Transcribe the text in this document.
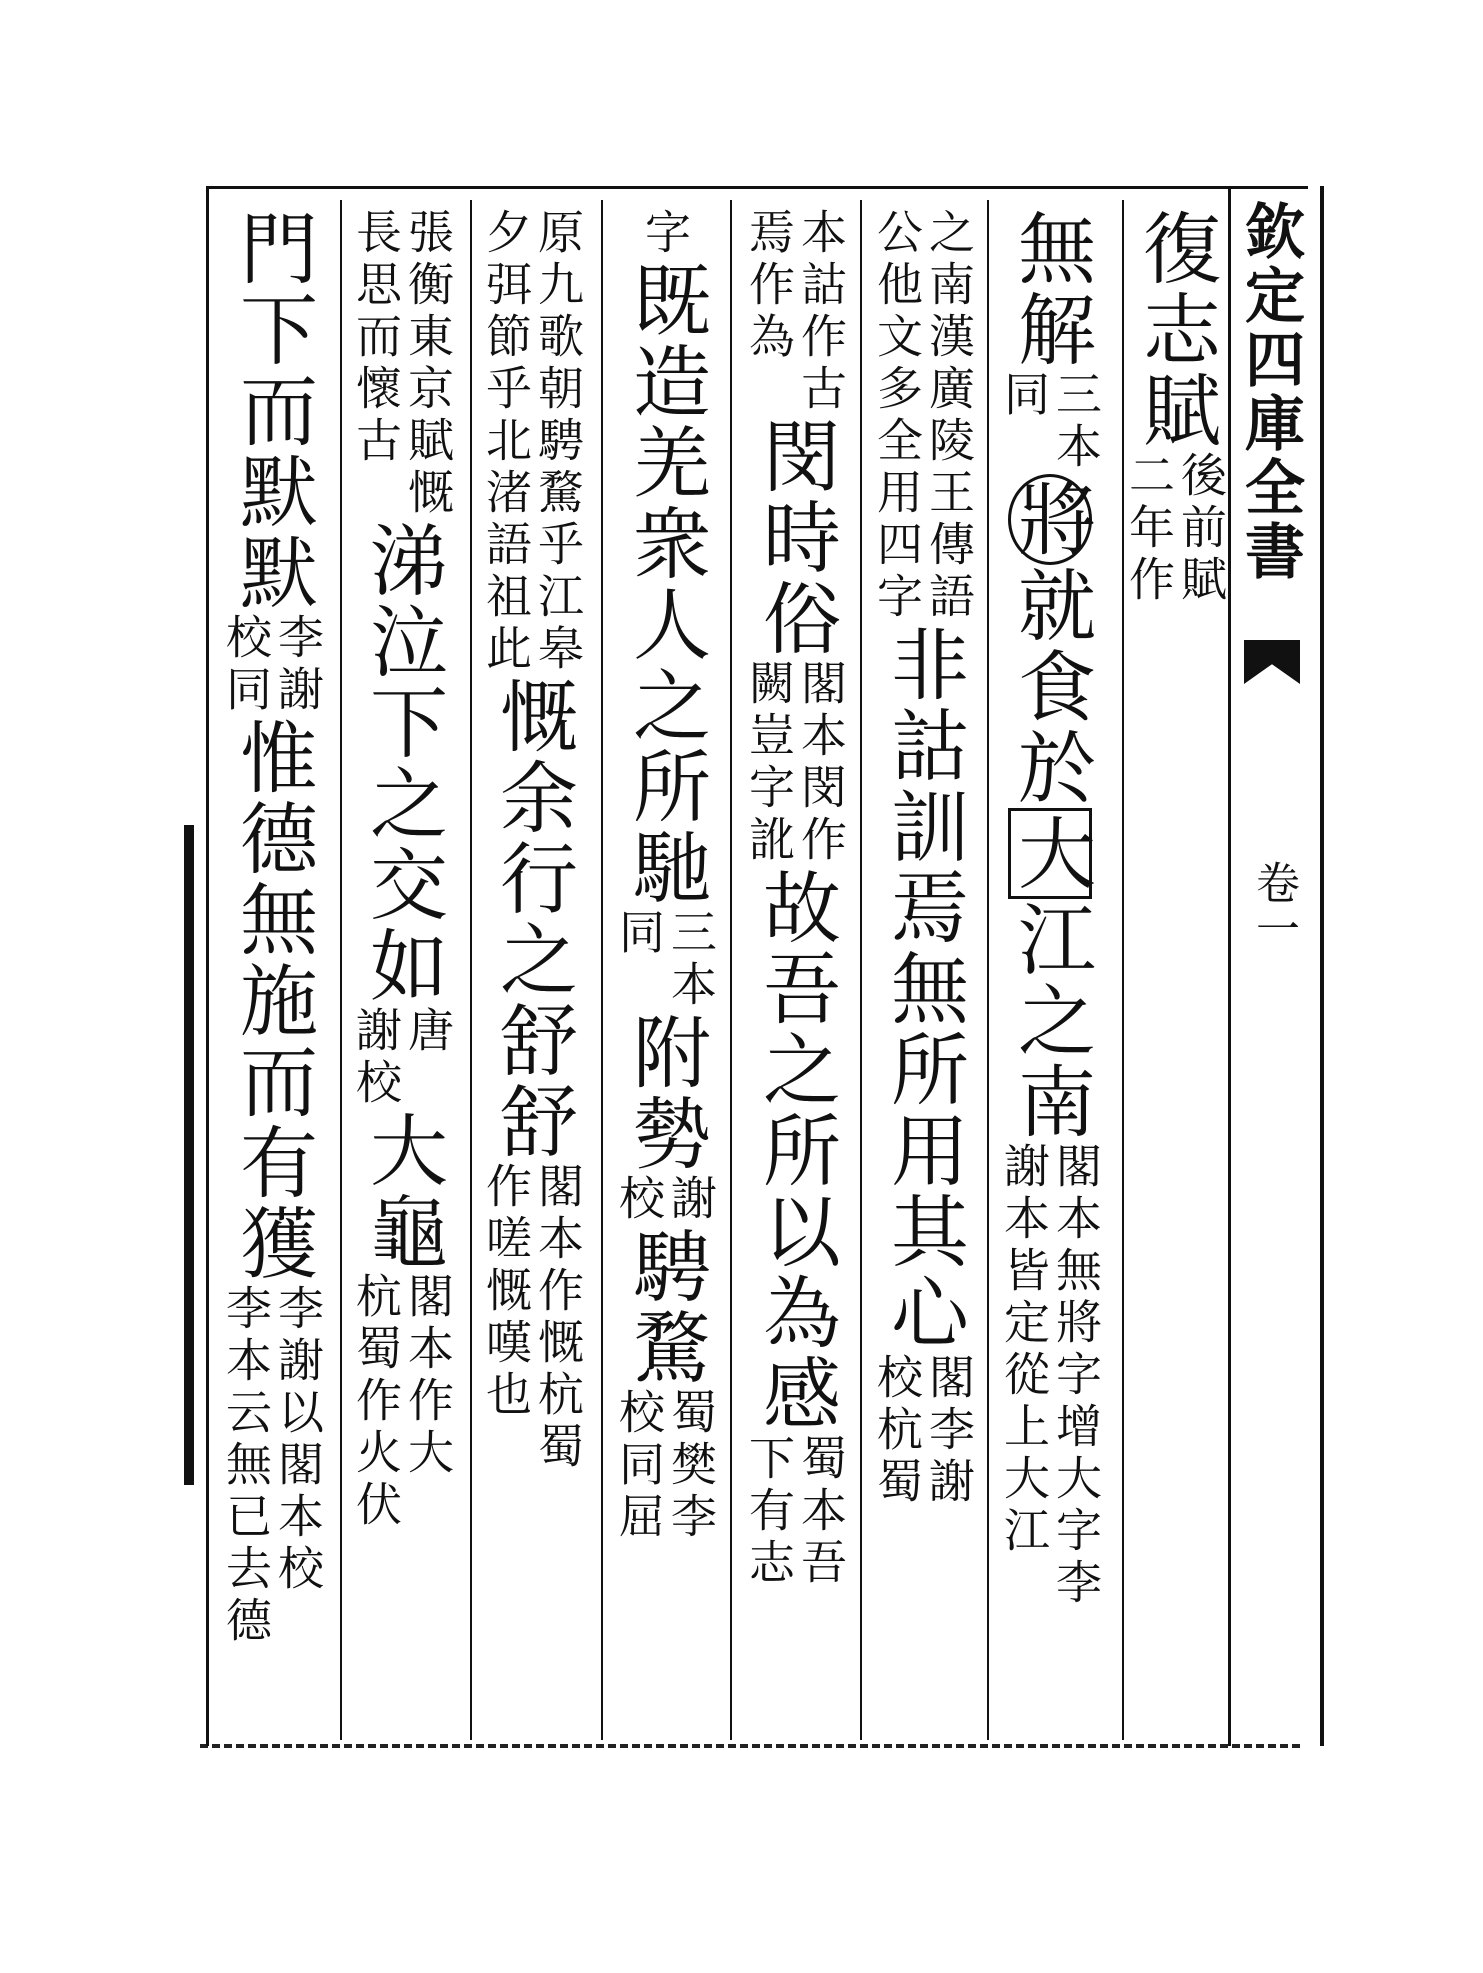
欽定四庫全書
卷一
復志賦
後前賦
二年作
無解
三本
同
將
就食於
大
江之南
閣本無將字增大字李
謝本皆定從上大江
之南漢廣陵王傳語
公他文多全用四字
非詁訓焉無所用其心
閣李謝
校杭蜀
本詁作古
焉作為
閔時俗
閣本閔作
闕豈字訛
故吾之所以為感
蜀本吾
下有志
字
既造
羌衆人之所馳
三本
同
附勢
謝
校
騁騖
蜀樊李
校同屈
原九歌朝騁騖乎江皋
夕弭節乎北渚語祖此
慨余行之舒舒
閣本作慨杭蜀
作嗟慨嘆也
張衡東京賦慨
長思而懷古
涕泣下之交如
唐
謝校
大龜
閣本作大
杭蜀作火伏
門下而默默
李謝
校同
惟德無施而有獲
李謝以閣本校
李本云無已去德
